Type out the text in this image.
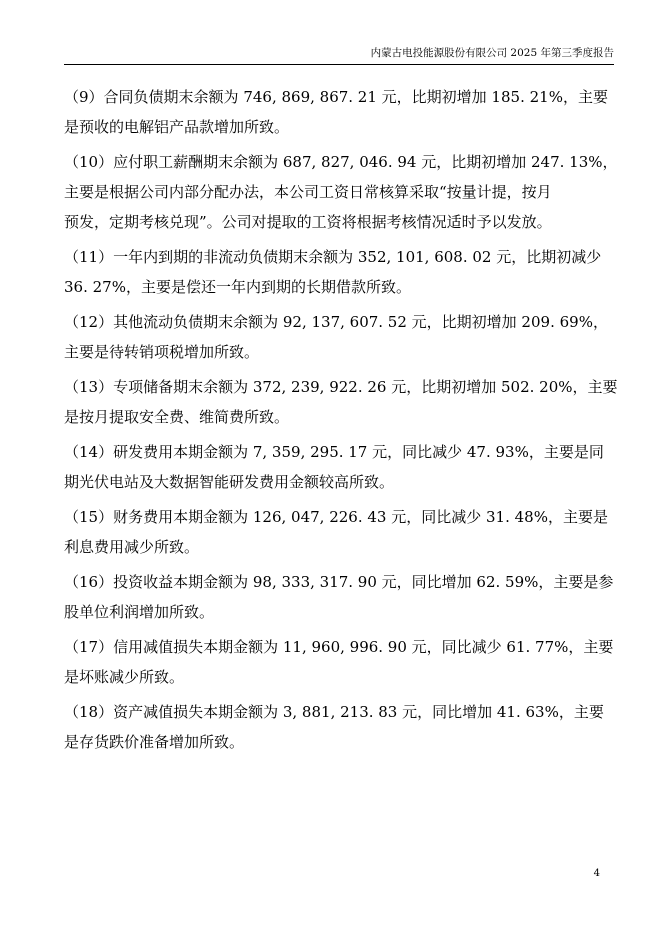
内蒙古电投能源股份有限公司 2025 年第三季度报告

（9）合同负债期末余额为 746, 869, 867. 21 元，比期初增加 185. 21%，主要
是预收的电解铝产品款增加所致。

（10）应付职工薪酬期末余额为 687, 827, 046. 94 元，比期初增加 247. 13%，
主要是根据公司内部分配办法，本公司工资日常核算采取“按量计提，按月
预发，定期考核兑现”。公司对提取的工资将根据考核情况适时予以发放。

（11）一年内到期的非流动负债期末余额为 352, 101, 608. 02 元，比期初减少
36. 27%，主要是偿还一年内到期的长期借款所致。

（12）其他流动负债期末余额为 92, 137, 607. 52 元，比期初增加 209. 69%，
主要是待转销项税增加所致。

（13）专项储备期末余额为 372, 239, 922. 26 元，比期初增加 502. 20%，主要
是按月提取安全费、维简费所致。

（14）研发费用本期金额为 7, 359, 295. 17 元，同比减少 47. 93%，主要是同
期光伏电站及大数据智能研发费用金额较高所致。

（15）财务费用本期金额为 126, 047, 226. 43 元，同比减少 31. 48%，主要是
利息费用减少所致。

（16）投资收益本期金额为 98, 333, 317. 90 元，同比增加 62. 59%，主要是参
股单位利润增加所致。

（17）信用减值损失本期金额为 11, 960, 996. 90 元，同比减少 61. 77%，主要
是坏账减少所致。

（18）资产减值损失本期金额为 3, 881, 213. 83 元，同比增加 41. 63%，主要
是存货跌价准备增加所致。

4
